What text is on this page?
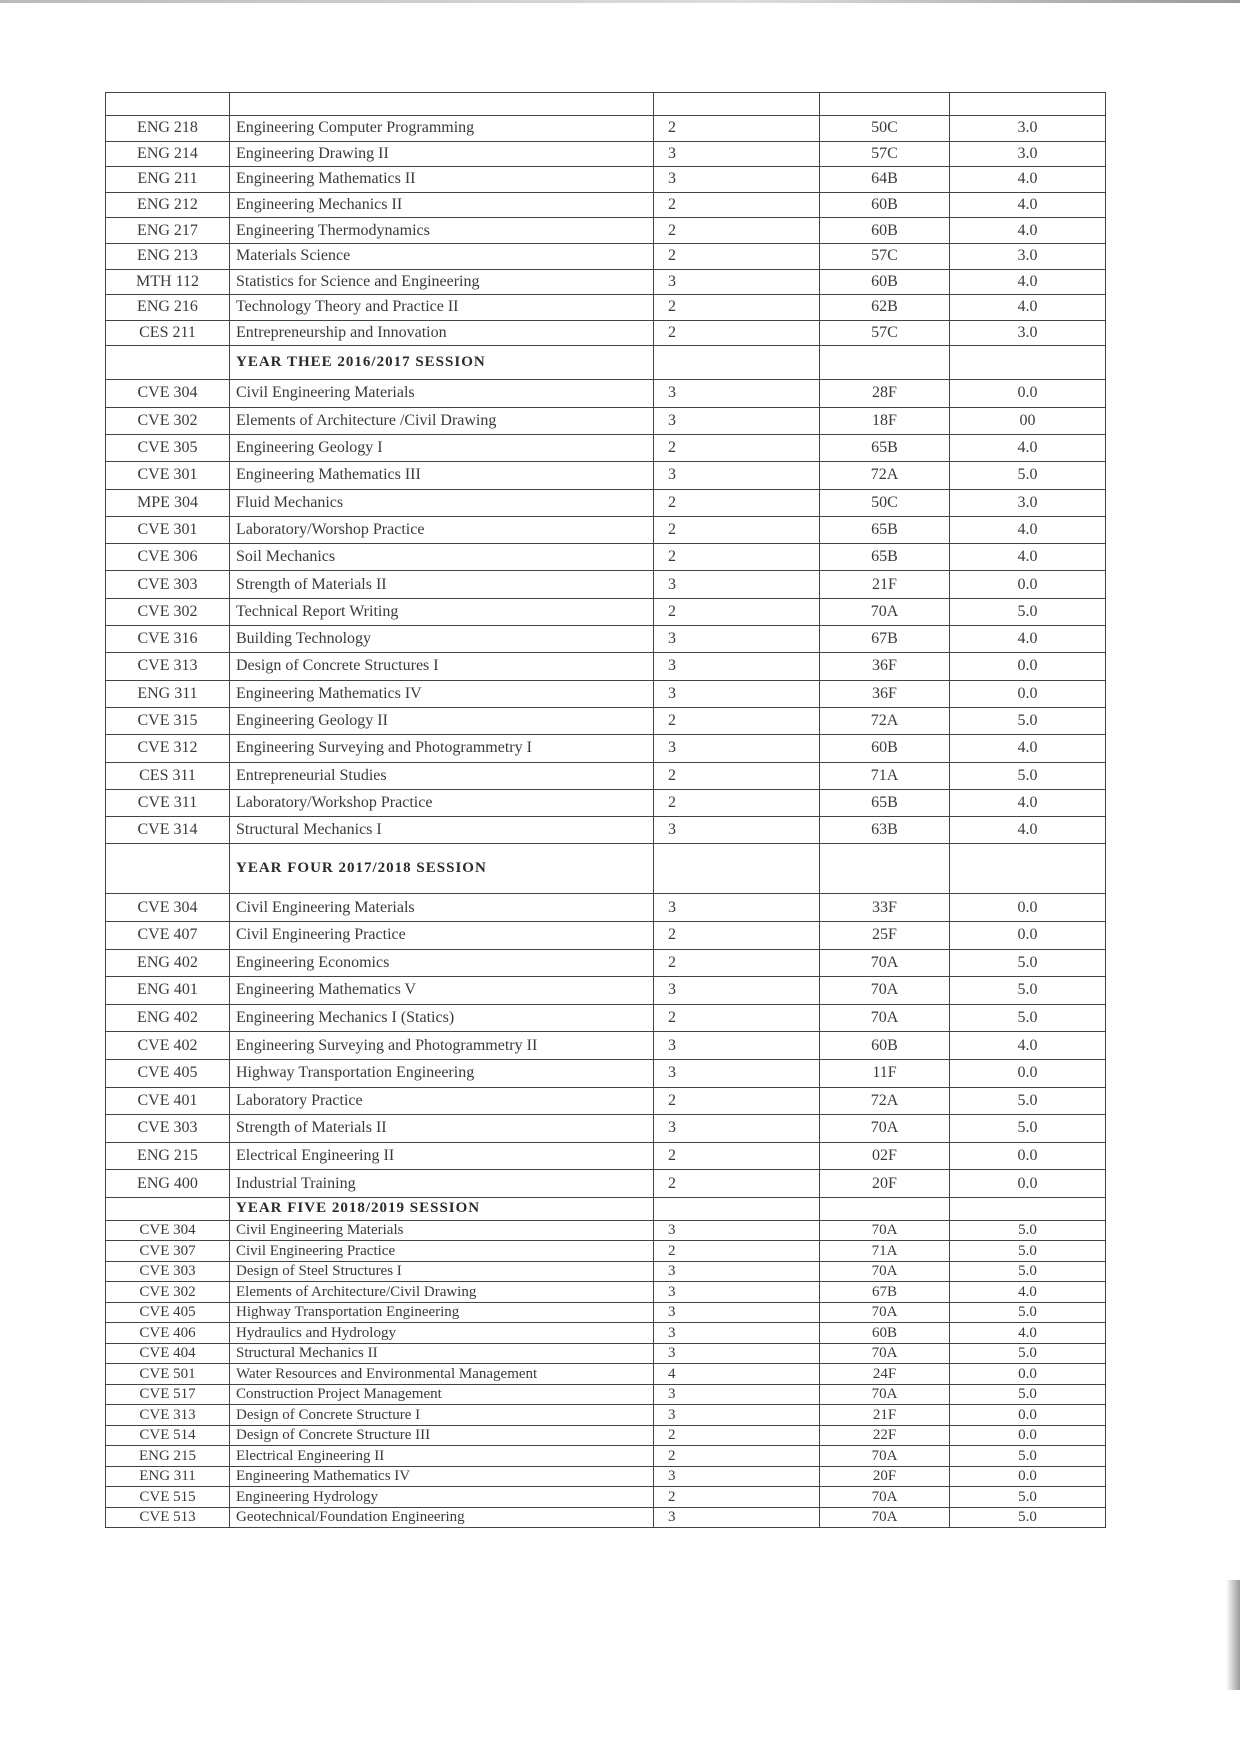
ENG 218	Engineering Computer Programming	2	50C	3.0
ENG 214	Engineering Drawing II	3	57C	3.0
ENG 211	Engineering Mathematics II	3	64B	4.0
ENG 212	Engineering Mechanics II	2	60B	4.0
ENG 217	Engineering Thermodynamics	2	60B	4.0
ENG 213	Materials Science	2	57C	3.0
MTH 112	Statistics for Science and Engineering	3	60B	4.0
ENG 216	Technology Theory and Practice II	2	62B	4.0
CES 211	Entrepreneurship and Innovation	2	57C	3.0
	YEAR THEE 2016/2017 SESSION			
CVE 304	Civil Engineering Materials	3	28F	0.0
CVE 302	Elements of Architecture /Civil Drawing	3	18F	00
CVE 305	Engineering Geology I	2	65B	4.0
CVE 301	Engineering Mathematics III	3	72A	5.0
MPE 304	Fluid Mechanics	2	50C	3.0
CVE 301	Laboratory/Worshop Practice	2	65B	4.0
CVE 306	Soil Mechanics	2	65B	4.0
CVE 303	Strength of Materials II	3	21F	0.0
CVE 302	Technical Report Writing	2	70A	5.0
CVE 316	Building Technology	3	67B	4.0
CVE 313	Design of Concrete Structures I	3	36F	0.0
ENG 311	Engineering Mathematics IV	3	36F	0.0
CVE 315	Engineering Geology II	2	72A	5.0
CVE 312	Engineering Surveying and Photogrammetry I	3	60B	4.0
CES 311	Entrepreneurial Studies	2	71A	5.0
CVE 311	Laboratory/Workshop Practice	2	65B	4.0
CVE 314	Structural Mechanics I	3	63B	4.0
	YEAR FOUR 2017/2018 SESSION			
CVE 304	Civil Engineering Materials	3	33F	0.0
CVE 407	Civil Engineering Practice	2	25F	0.0
ENG 402	Engineering Economics	2	70A	5.0
ENG 401	Engineering Mathematics V	3	70A	5.0
ENG 402	Engineering Mechanics I (Statics)	2	70A	5.0
CVE 402	Engineering Surveying and Photogrammetry II	3	60B	4.0
CVE 405	Highway Transportation Engineering	3	11F	0.0
CVE 401	Laboratory Practice	2	72A	5.0
CVE 303	Strength of Materials II	3	70A	5.0
ENG 215	Electrical Engineering II	2	02F	0.0
ENG 400	Industrial Training	2	20F	0.0
	YEAR FIVE 2018/2019 SESSION			
CVE 304	Civil Engineering Materials	3	70A	5.0
CVE 307	Civil Engineering Practice	2	71A	5.0
CVE 303	Design of Steel Structures I	3	70A	5.0
CVE 302	Elements of Architecture/Civil Drawing	3	67B	4.0
CVE 405	Highway Transportation Engineering	3	70A	5.0
CVE 406	Hydraulics and Hydrology	3	60B	4.0
CVE 404	Structural Mechanics II	3	70A	5.0
CVE 501	Water Resources and Environmental Management	4	24F	0.0
CVE 517	Construction Project Management	3	70A	5.0
CVE 313	Design of Concrete Structure I	3	21F	0.0
CVE 514	Design of Concrete Structure III	2	22F	0.0
ENG 215	Electrical Engineering II	2	70A	5.0
ENG 311	Engineering Mathematics IV	3	20F	0.0
CVE 515	Engineering Hydrology	2	70A	5.0
CVE 513	Geotechnical/Foundation Engineering	3	70A	5.0
